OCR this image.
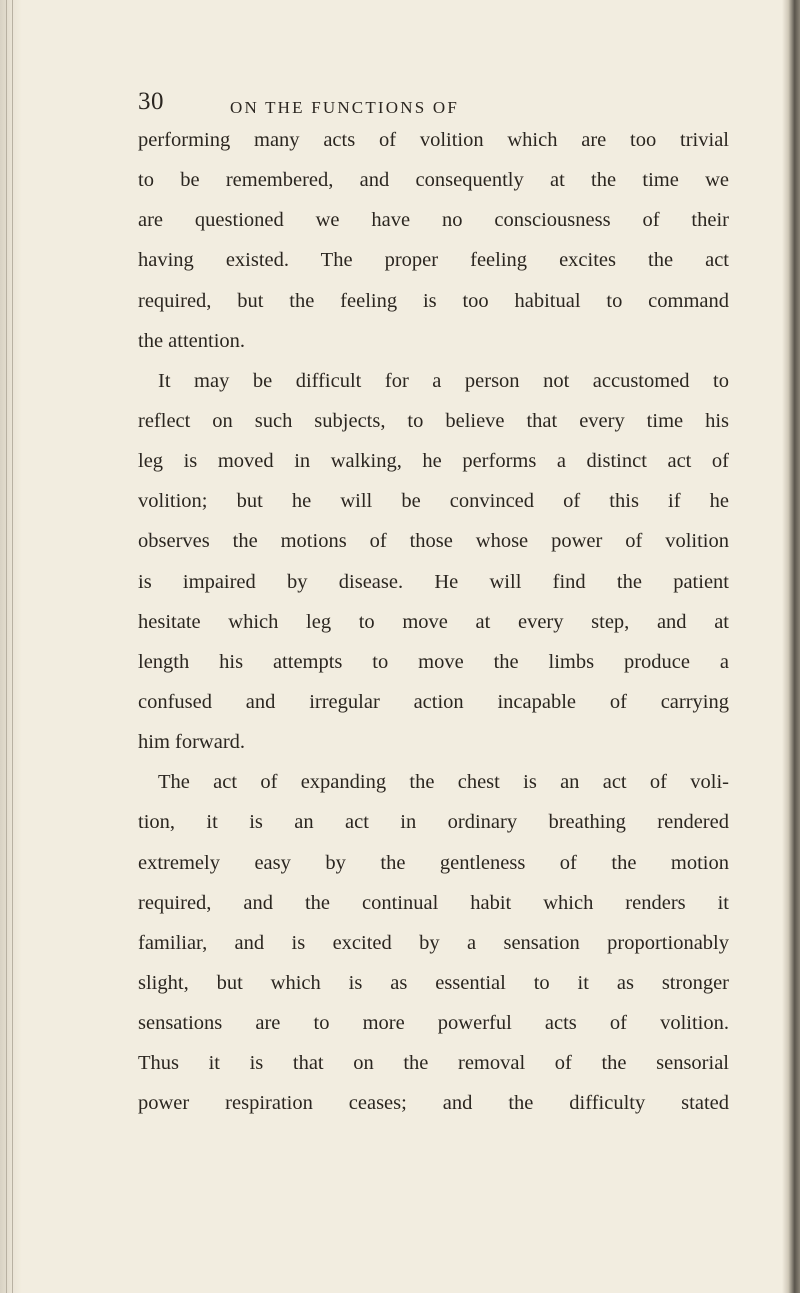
30	ON THE FUNCTIONS OF
performing many acts of volition which are too trivial
to be remembered, and consequently at the time we
are questioned we have no consciousness of their
having existed. The proper feeling excites the act
required, but the feeling is too habitual to command
the attention.
It may be difficult for a person not accustomed to
reflect on such subjects, to believe that every time his
leg is moved in walking, he performs a distinct act of
volition; but he will be convinced of this if he
observes the motions of those whose power of volition
is impaired by disease. He will find the patient
hesitate which leg to move at every step, and at
length his attempts to move the limbs produce a
confused and irregular action incapable of carrying
him forward.
The act of expanding the chest is an act of voli-
tion, it is an act in ordinary breathing rendered
extremely easy by the gentleness of the motion
required, and the continual habit which renders it
familiar, and is excited by a sensation proportionably
slight, but which is as essential to it as stronger
sensations are to more powerful acts of volition.
Thus it is that on the removal of the sensorial
power respiration ceases; and the difficulty stated
